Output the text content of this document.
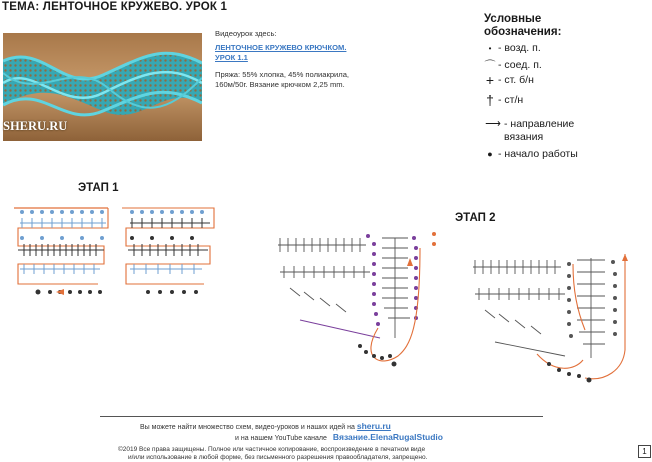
ТЕМА: ЛЕНТОЧНОЕ КРУЖЕВО. УРОК 1
SHERU.RU
Видеоурок здесь:
ЛЕНТОЧНОЕ КРУЖЕВО КРЮЧКОМ.
УРОК 1.1
Пряжа: 55% хлопка, 45% полиакрила,
160м/50г. Вязание крючком 2,25 mm.
Условные
обозначения:
• - возд. п.
⌒ - соед. п.
+ - ст. б/н
† - ст/н
⟶ - направление
вязания
● - начало работы
ЭТАП 1
ЭТАП 2
Вы можете найти множество схем, видео-уроков и наших идей на sheru.ru
и на нашем YouTube канале Вязание.ElenaRugalStudio
©2019 Все права защищены. Полное или частичное копирование, воспроизведение в печатном виде
и/или использование в любой форме, без письменного разрешения правообладателя, запрещено.
1
